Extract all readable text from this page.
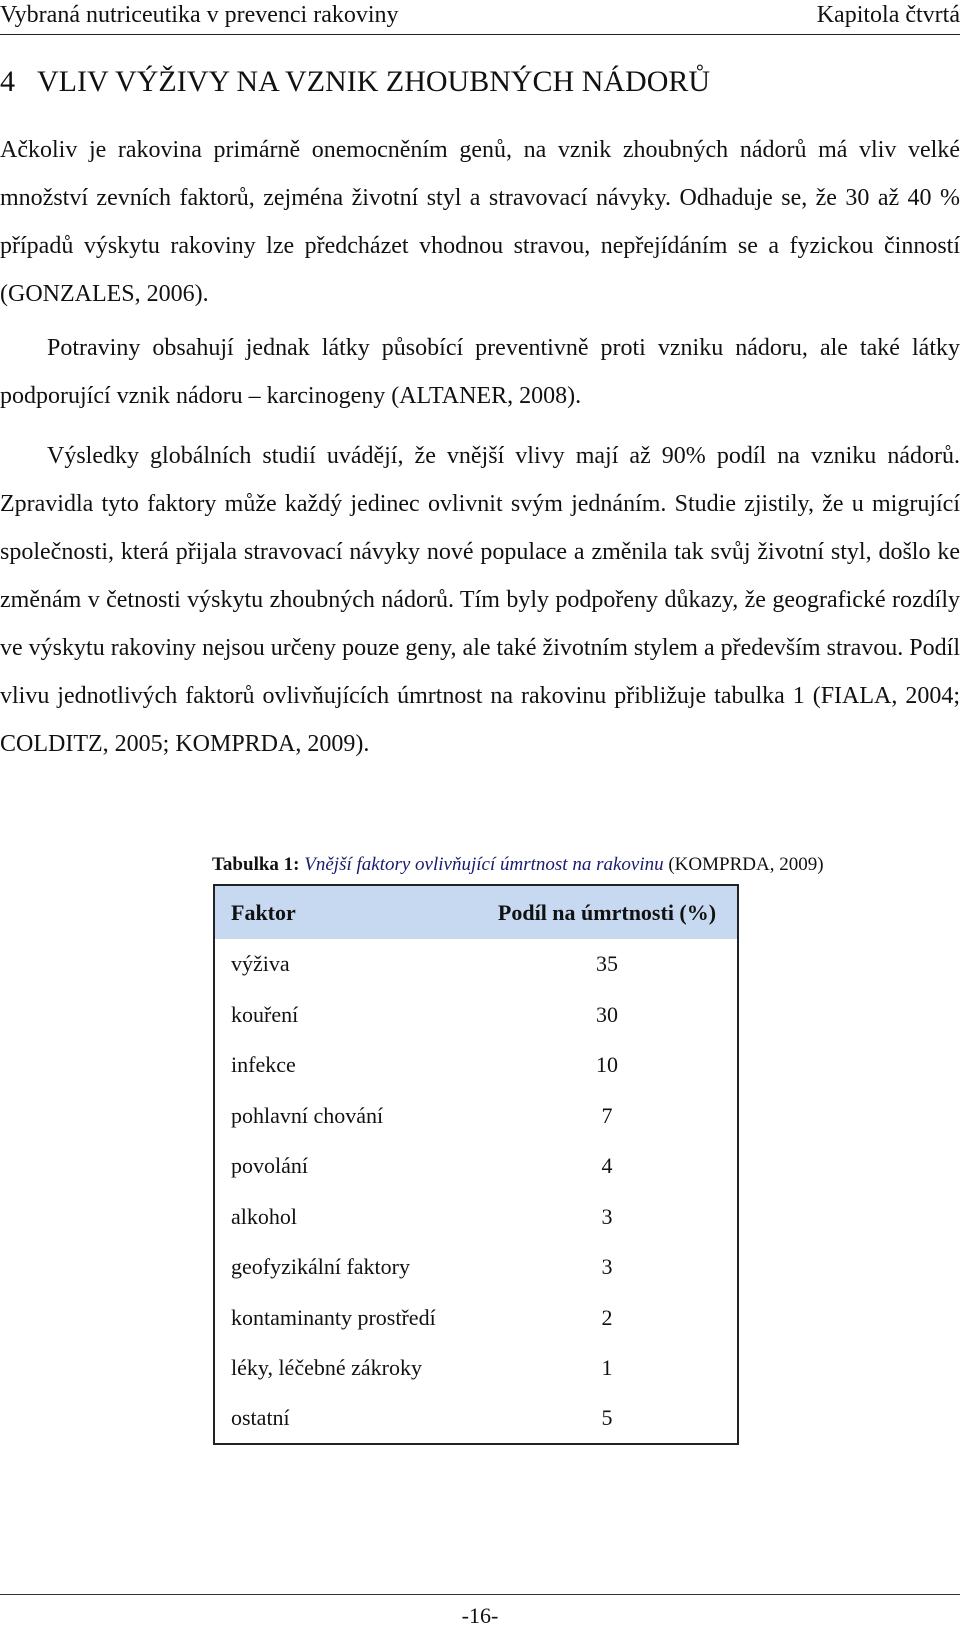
Vybraná nutriceutika v prevenci rakoviny	Kapitola čtvrtá
4 VLIV VÝŽIVY NA VZNIK ZHOUBNÝCH NÁDORŮ

Ačkoliv je rakovina primárně onemocněním genů, na vznik zhoubných nádorů má vliv velké množství zevních faktorů, zejména životní styl a stravovací návyky. Odhaduje se, že 30 až 40 % případů výskytu rakoviny lze předcházet vhodnou stravou, nepřejídáním se a fyzickou činností (GONZALES, 2006).

Potraviny obsahují jednak látky působící preventivně proti vzniku nádoru, ale také látky podporující vznik nádoru – karcinogeny (ALTANER, 2008).

Výsledky globálních studií uvádějí, že vnější vlivy mají až 90% podíl na vzniku nádorů. Zpravidla tyto faktory může každý jedinec ovlivnit svým jednáním. Studie zjistily, že u migrující společnosti, která přijala stravovací návyky nové populace a změnila tak svůj životní styl, došlo ke změnám v četnosti výskytu zhoubných nádorů. Tím byly podpořeny důkazy, že geografické rozdíly ve výskytu rakoviny nejsou určeny pouze geny, ale také životním stylem a především stravou. Podíl vlivu jednotlivých faktorů ovlivňujících úmrtnost na rakovinu přibližuje tabulka 1 (FIALA, 2004; COLDITZ, 2005; KOMPRDA, 2009).

Tabulka 1: Vnější faktory ovlivňující úmrtnost na rakovinu (KOMPRDA, 2009)
Faktor	Podíl na úmrtnosti (%)
výživa	35
kouření	30
infekce	10
pohlavní chování	7
povolání	4
alkohol	3
geofyzikální faktory	3
kontaminanty prostředí	2
léky, léčebné zákroky	1
ostatní	5
-16-
